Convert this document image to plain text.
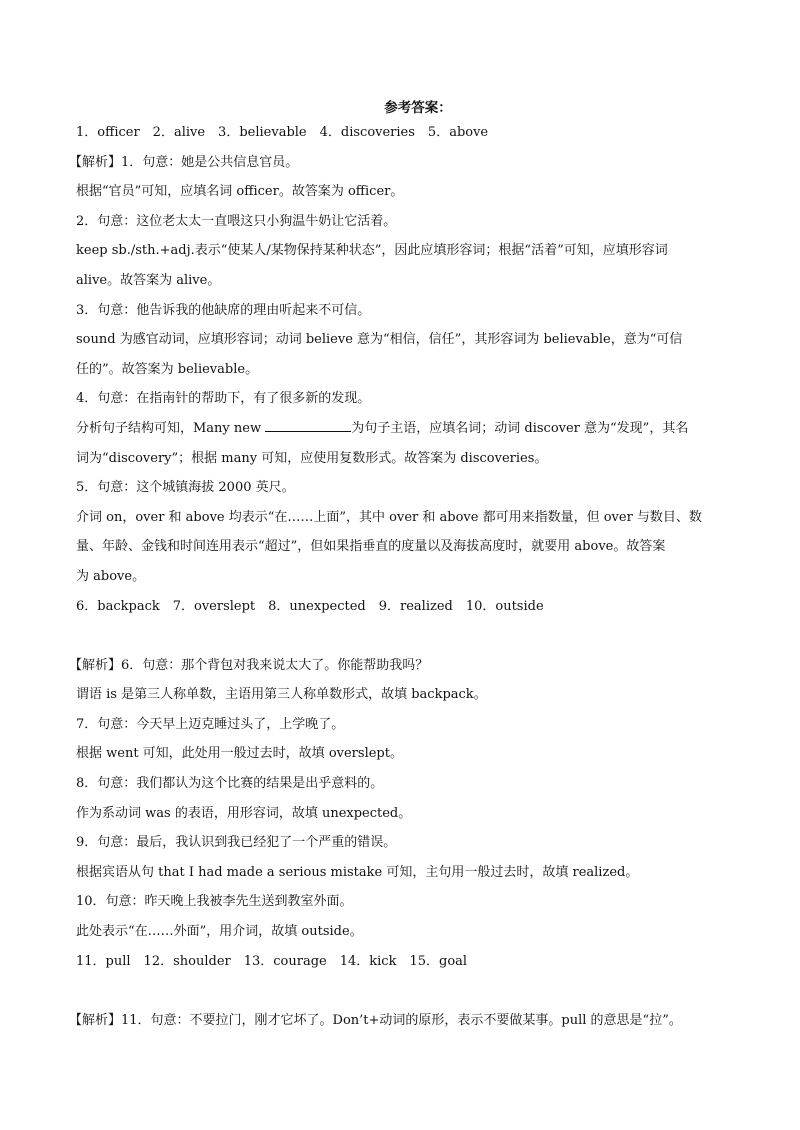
参考答案：

1．officer　2．alive　3．believable　4．discoveries　5．above

【解析】1．句意：她是公共信息官员。

根据“官员”可知，应填名词 officer。故答案为 officer。

2．句意：这位老太太一直喂这只小狗温牛奶让它活着。

keep sb./sth.+adj.表示“使某人/某物保持某种状态”，因此应填形容词；根据“活着”可知，应填形容词

alive。故答案为 alive。

3．句意：他告诉我的他缺席的理由听起来不可信。

sound 为感官动词，应填形容词；动词 believe 意为“相信，信任”，其形容词为 believable，意为“可信

任的”。故答案为 believable。

4．句意：在指南针的帮助下，有了很多新的发现。

分析句子结构可知，Many new	为句子主语，应填名词；动词 discover 意为“发现”，其名

词为“discovery”；根据 many 可知，应使用复数形式。故答案为 discoveries。

5．句意：这个城镇海拔 2000 英尺。

介词 on，over 和 above 均表示“在……上面”，其中 over 和 above 都可用来指数量，但 over 与数目、数

量、年龄、金钱和时间连用表示“超过”，但如果指垂直的度量以及海拔高度时，就要用 above。故答案

为 above。

6．backpack　7．overslept　8．unexpected　9．realized　10．outside

【解析】6．句意：那个背包对我来说太大了。你能帮助我吗？

谓语 is 是第三人称单数，主语用第三人称单数形式，故填 backpack。

7．句意：今天早上迈克睡过头了，上学晚了。

根据 went 可知，此处用一般过去时，故填 overslept。

8．句意：我们都认为这个比赛的结果是出乎意料的。

作为系动词 was 的表语，用形容词，故填 unexpected。

9．句意：最后，我认识到我已经犯了一个严重的错误。

根据宾语从句 that I had made a serious mistake 可知，主句用一般过去时，故填 realized。

10．句意：昨天晚上我被李先生送到教室外面。

此处表示“在……外面”，用介词，故填 outside。

11．pull　12．shoulder　13．courage　14．kick　15．goal

【解析】11．句意：不要拉门，刚才它坏了。Don’t+动词的原形，表示不要做某事。pull 的意思是“拉”。
